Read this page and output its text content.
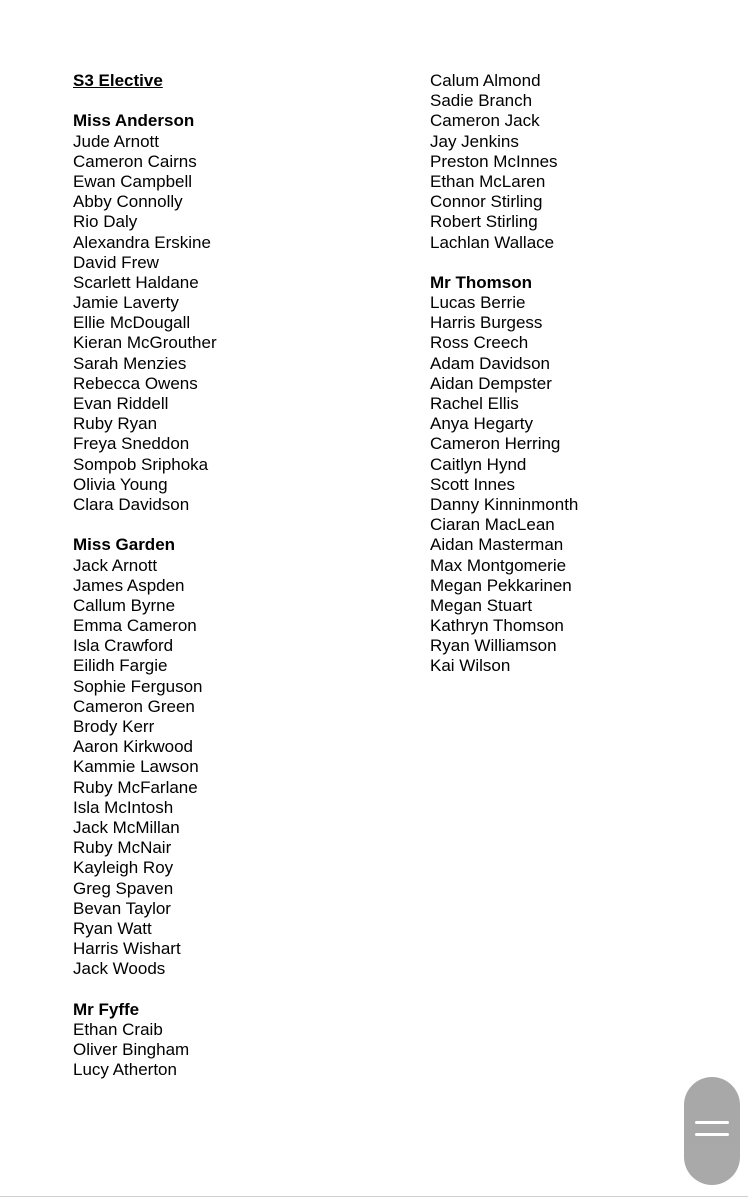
S3 Elective
Miss Anderson
Jude Arnott
Cameron Cairns
Ewan Campbell
Abby Connolly
Rio Daly
Alexandra Erskine
David Frew
Scarlett Haldane
Jamie Laverty
Ellie McDougall
Kieran McGrouther
Sarah Menzies
Rebecca Owens
Evan Riddell
Ruby Ryan
Freya Sneddon
Sompob Sriphoka
Olivia Young
Clara Davidson
Miss Garden
Jack Arnott
James Aspden
Callum Byrne
Emma Cameron
Isla Crawford
Eilidh Fargie
Sophie Ferguson
Cameron Green
Brody Kerr
Aaron Kirkwood
Kammie Lawson
Ruby McFarlane
Isla McIntosh
Jack McMillan
Ruby McNair
Kayleigh Roy
Greg Spaven
Bevan Taylor
Ryan Watt
Harris Wishart
Jack Woods
Mr Fyffe
Ethan Craib
Oliver Bingham
Lucy Atherton
Calum Almond
Sadie Branch
Cameron Jack
Jay Jenkins
Preston McInnes
Ethan McLaren
Connor Stirling
Robert Stirling
Lachlan Wallace
Mr Thomson
Lucas Berrie
Harris Burgess
Ross Creech
Adam Davidson
Aidan Dempster
Rachel Ellis
Anya Hegarty
Cameron Herring
Caitlyn Hynd
Scott Innes
Danny Kinninmonth
Ciaran MacLean
Aidan Masterman
Max Montgomerie
Megan Pekkarinen
Megan Stuart
Kathryn Thomson
Ryan Williamson
Kai Wilson
